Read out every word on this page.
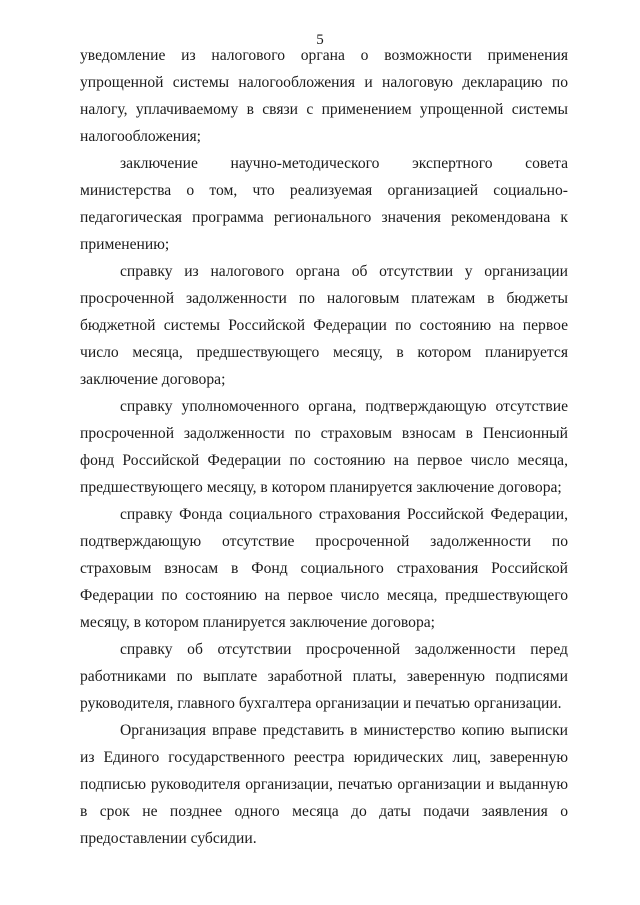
5

уведомление из налогового органа о возможности применения упрощенной системы налогообложения и налоговую декларацию по налогу, уплачиваемому в связи с применением упрощенной системы налогообложения;

заключение научно-методического экспертного совета министерства о том, что реализуемая организацией социально-педагогическая программа регионального значения рекомендована к применению;

справку из налогового органа об отсутствии у организации просроченной задолженности по налоговым платежам в бюджеты бюджетной системы Российской Федерации по состоянию на первое число месяца, предшествующего месяцу, в котором планируется заключение договора;

справку уполномоченного органа, подтверждающую отсутствие просроченной задолженности по страховым взносам в Пенсионный фонд Российской Федерации по состоянию на первое число месяца, предшествующего месяцу, в котором планируется заключение договора;

справку Фонда социального страхования Российской Федерации, подтверждающую отсутствие просроченной задолженности по страховым взносам в Фонд социального страхования Российской Федерации по состоянию на первое число месяца, предшествующего месяцу, в котором планируется заключение договора;

справку об отсутствии просроченной задолженности перед работниками по выплате заработной платы, заверенную подписями руководителя, главного бухгалтера организации и печатью организации.

Организация вправе представить в министерство копию выписки из Единого государственного реестра юридических лиц, заверенную подписью руководителя организации, печатью организации и выданную в срок не позднее одного месяца до даты подачи заявления о предоставлении субсидии.
